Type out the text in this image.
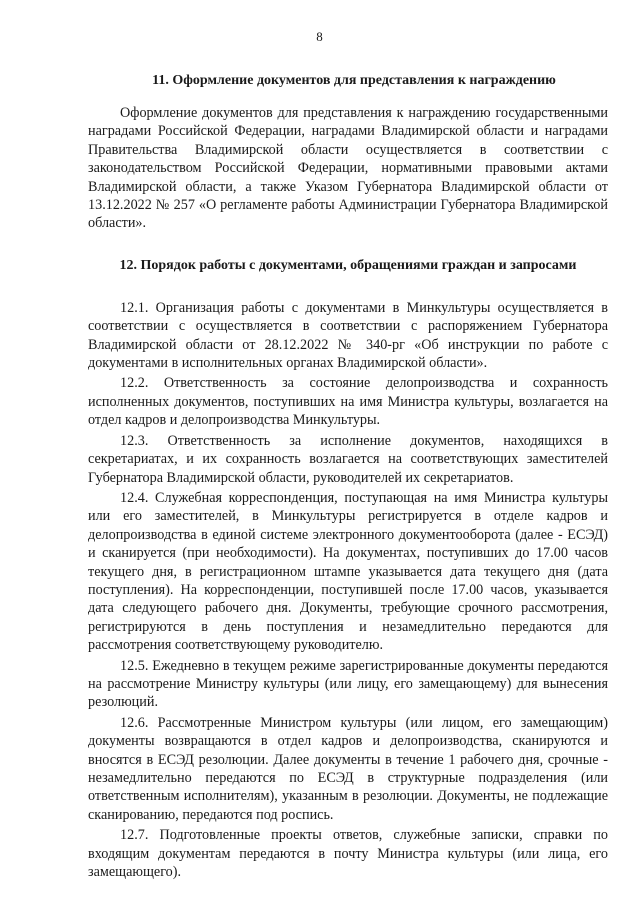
8
11. Оформление документов для представления к награждению

Оформление документов для представления к награждению государственными наградами Российской Федерации, наградами Владимирской области и наградами Правительства Владимирской области осуществляется в соответствии с законодательством Российской Федерации, нормативными правовыми актами Владимирской области, а также Указом Губернатора Владимирской области от 13.12.2022 № 257 «О регламенте работы Администрации Губернатора Владимирской области».

12. Порядок работы с документами, обращениями граждан и запросами

12.1. Организация работы с документами в Минкультуры осуществляется в соответствии с осуществляется в соответствии с распоряжением Губернатора Владимирской области от 28.12.2022 № 340-рг «Об инструкции по работе с документами в исполнительных органах Владимирской области».

12.2. Ответственность за состояние делопроизводства и сохранность исполненных документов, поступивших на имя Министра культуры, возлагается на отдел кадров и делопроизводства Минкультуры.

12.3. Ответственность за исполнение документов, находящихся в секретариатах, и их сохранность возлагается на соответствующих заместителей Губернатора Владимирской области, руководителей их секретариатов.

12.4. Служебная корреспонденция, поступающая на имя Министра культуры или его заместителей, в Минкультуры регистрируется в отделе кадров и делопроизводства в единой системе электронного документооборота (далее - ЕСЭД) и сканируется (при необходимости). На документах, поступивших до 17.00 часов текущего дня, в регистрационном штампе указывается дата текущего дня (дата поступления). На корреспонденции, поступившей после 17.00 часов, указывается дата следующего рабочего дня. Документы, требующие срочного рассмотрения, регистрируются в день поступления и незамедлительно передаются для рассмотрения соответствующему руководителю.

12.5. Ежедневно в текущем режиме зарегистрированные документы передаются на рассмотрение Министру культуры (или лицу, его замещающему) для вынесения резолюций.

12.6. Рассмотренные Министром культуры (или лицом, его замещающим) документы возвращаются в отдел кадров и делопроизводства, сканируются и вносятся в ЕСЭД резолюции. Далее документы в течение 1 рабочего дня, срочные - незамедлительно передаются по ЕСЭД в структурные подразделения (или ответственным исполнителям), указанным в резолюции. Документы, не подлежащие сканированию, передаются под роспись.

12.7. Подготовленные проекты ответов, служебные записки, справки по входящим документам передаются в почту Министра культуры (или лица, его замещающего).
